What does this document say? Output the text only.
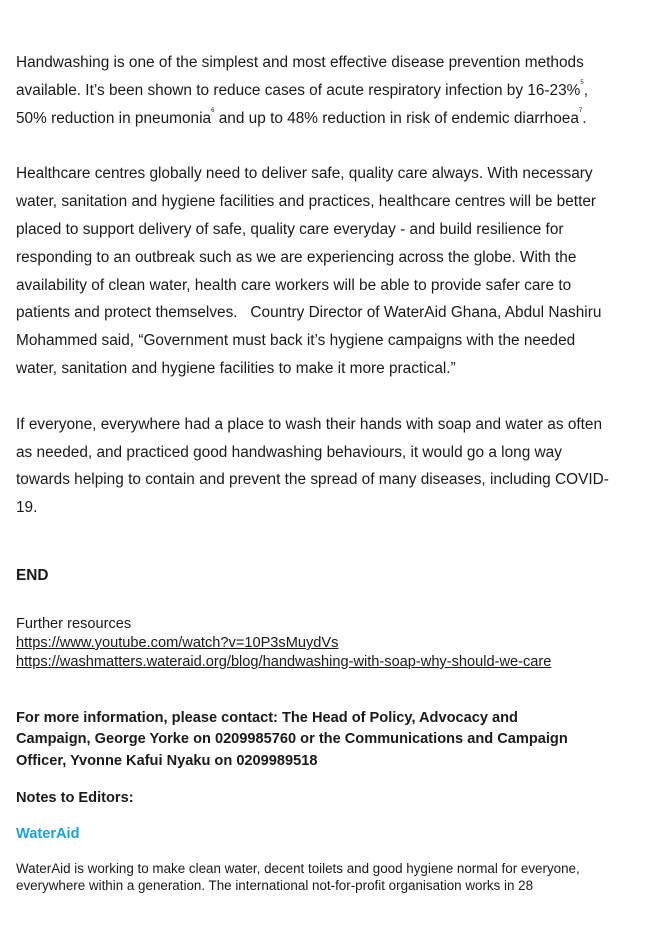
Handwashing is one of the simplest and most effective disease prevention methods
available. It’s been shown to reduce cases of acute respiratory infection by 16-23%$^5$,
50% reduction in pneumonia$^6$ and up to 48% reduction in risk of endemic diarrhoea$^7$.
Healthcare centres globally need to deliver safe, quality care always. With necessary
water, sanitation and hygiene facilities and practices, healthcare centres will be better
placed to support delivery of safe, quality care everyday - and build resilience for
responding to an outbreak such as we are experiencing across the globe. With the
availability of clean water, health care workers will be able to provide safer care to
patients and protect themselves.   Country Director of WaterAid Ghana, Abdul Nashiru
Mohammed said, “Government must back it’s hygiene campaigns with the needed
water, sanitation and hygiene facilities to make it more practical.”
If everyone, everywhere had a place to wash their hands with soap and water as often
as needed, and practiced good handwashing behaviours, it would go a long way
towards helping to contain and prevent the spread of many diseases, including COVID-
19.

END

Further resources
https://www.youtube.com/watch?v=10P3sMuydVs
https://washmatters.wateraid.org/blog/handwashing-with-soap-why-should-we-care
For more information, please contact: The Head of Policy, Advocacy and
Campaign, George Yorke on 0209985760 or the Communications and Campaign
Officer, Yvonne Kafui Nyaku on 0209989518

Notes to Editors:

WaterAid

WaterAid is working to make clean water, decent toilets and good hygiene normal for everyone,
everywhere within a generation. The international not-for-profit organisation works in 28
